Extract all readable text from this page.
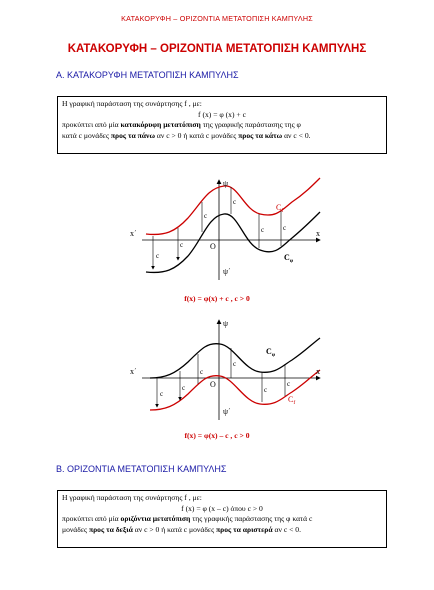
ΚΑΤΑΚΟΡΥΦΗ – ΟΡΙΖΟΝΤΙΑ ΜΕΤΑΤΟΠΙΣΗ ΚΑΜΠΥΛΗΣ
ΚΑΤΑΚΟΡΥΦΗ – ΟΡΙΖΟΝΤΙΑ ΜΕΤΑΤΟΠΙΣΗ ΚΑΜΠΥΛΗΣ
Α. ΚΑΤΑΚΟΡΥΦΗ ΜΕΤΑΤΟΠΙΣΗ ΚΑΜΠΥΛΗΣ
Η γραφική παράσταση της συνάρτησης f , με:
f (x) = φ (x) + c
προκύπτει από μία κατακόρυφη μετατόπιση της γραφικής παράστασης της φ
κατά c μονάδες προς τα πάνω αν c > 0 ή κατά c μονάδες προς τα κάτω αν c < 0.
c
c
c
c
c	c
x
x΄
ψ
ψ΄
O
$C_f$
$C_\varphi$
f(x) = φ(x) + c , c > 0
c
c
c
c
c
c
x
x΄
ψ
ψ΄
O
$C_\varphi$
$C_f$
f(x) = φ(x) – c , c > 0
Β. ΟΡΙΖΟΝΤΙΑ ΜΕΤΑΤΟΠΙΣΗ ΚΑΜΠΥΛΗΣ
Η γραφική παράσταση της συνάρτησης f , με:
f (x) = φ (x – c) όπου c > 0
προκύπτει από μία οριζόντια μετατόπιση της γραφικής παράστασης της φ κατά c
μονάδες προς τα δεξιά αν c > 0 ή κατά c μονάδες προς τα αριστερά αν c < 0.
